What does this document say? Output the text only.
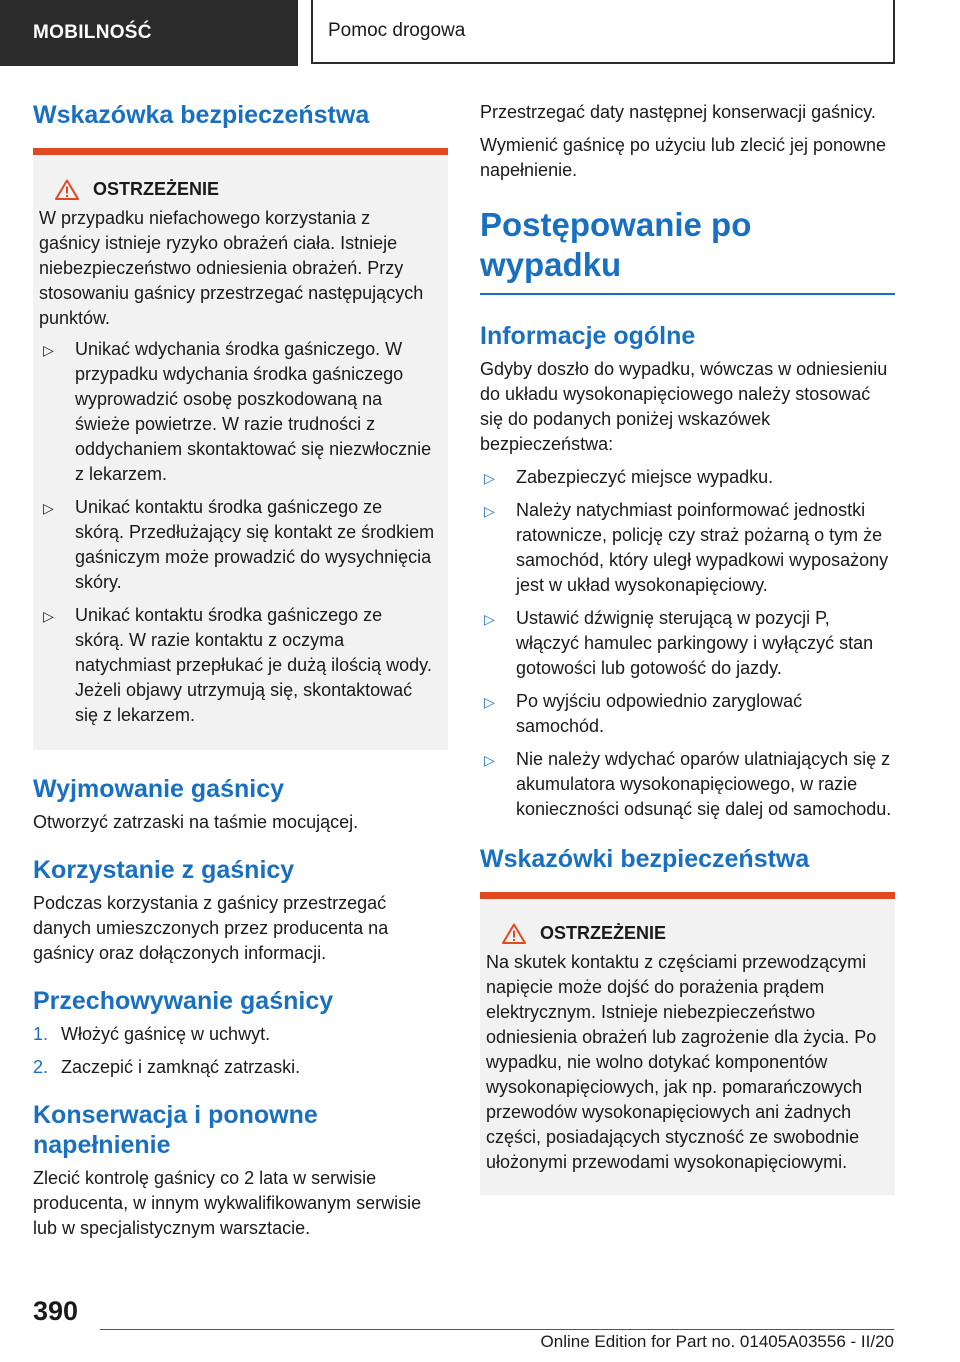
MOBILNOŚĆ	Pomoc drogowa
Wskazówka bezpieczeństwa
OSTRZEŻENIE

W przypadku niefachowego korzystania z gaśnicy istnieje ryzyko obrażeń ciała. Istnieje niebezpieczeństwo odniesienia obrażeń. Przy stosowaniu gaśnicy przestrzegać następujących punktów.

▷ Unikać wdychania środka gaśniczego. W przypadku wdychania środka gaśniczego wyprowadzić osobę poszkodowaną na świeże powietrze. W razie trudności z oddychaniem skontaktować się niezwłocznie z lekarzem.
▷ Unikać kontaktu środka gaśniczego ze skórą. Przedłużający się kontakt ze środkiem gaśniczym może prowadzić do wysychnięcia skóry.
▷ Unikać kontaktu środka gaśniczego ze skórą. W razie kontaktu z oczyma natychmiast przepłukać je dużą ilością wody. Jeżeli objawy utrzymują się, skontaktować się z lekarzem.
Wyjmowanie gaśnicy

Otworzyć zatrzaski na taśmie mocującej.

Korzystanie z gaśnicy

Podczas korzystania z gaśnicy przestrzegać danych umieszczonych przez producenta na gaśnicy oraz dołączonych informacji.

Przechowywanie gaśnicy
1. Włożyć gaśnicę w uchwyt.
2. Zaczepić i zamknąć zatrzaski.
Konserwacja i ponowne napełnienie

Zlecić kontrolę gaśnicy co 2 lata w serwisie producenta, w innym wykwalifikowanym serwisie lub w specjalistycznym warsztacie.

Przestrzegać daty następnej konserwacji gaśnicy.

Wymienić gaśnicę po użyciu lub zlecić jej ponowne napełnienie.

Postępowanie po wypadku
Informacje ogólne

Gdyby doszło do wypadku, wówczas w odniesieniu do układu wysokonapięciowego należy stosować się do podanych poniżej wskazówek bezpieczeństwa:

▷ Zabezpieczyć miejsce wypadku.
▷ Należy natychmiast poinformować jednostki ratownicze, policję czy straż pożarną o tym że samochód, który uległ wypadkowi wyposażony jest w układ wysokonapięciowy.
▷ Ustawić dźwignię sterującą w pozycji P, włączyć hamulec parkingowy i wyłączyć stan gotowości lub gotowość do jazdy.
▷ Po wyjściu odpowiednio zaryglować samochód.
▷ Nie należy wdychać oparów ulatniających się z akumulatora wysokonapięciowego, w razie konieczności odsunąć się dalej od samochodu.
Wskazówki bezpieczeństwa
OSTRZEŻENIE

Na skutek kontaktu z częściami przewodzącymi napięcie może dojść do porażenia prądem elektrycznym. Istnieje niebezpieczeństwo odniesienia obrażeń lub zagrożenie dla życia. Po wypadku, nie wolno dotykać komponentów wysokonapięciowych, jak np. pomarańczowych przewodów wysokonapięciowych ani żadnych części, posiadających styczność ze swobodnie ułożonymi przewodami wysokonapięciowymi.

390
Online Edition for Part no. 01405A03556 - II/20
